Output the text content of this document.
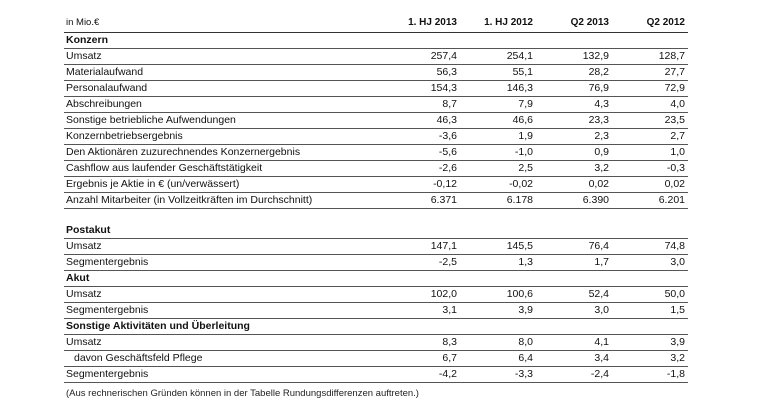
in Mio.€	1. HJ 2013	1. HJ 2012	Q2 2013	Q2 2012
Konzern				
Umsatz	257,4	254,1	132,9	128,7
Materialaufwand	56,3	55,1	28,2	27,7
Personalaufwand	154,3	146,3	76,9	72,9
Abschreibungen	8,7	7,9	4,3	4,0
Sonstige betriebliche Aufwendungen	46,3	46,6	23,3	23,5
Konzernbetriebsergebnis	-3,6	1,9	2,3	2,7
Den Aktionären zuzurechnendes Konzernergebnis	-5,6	-1,0	0,9	1,0
Cashflow aus laufender Geschäftstätigkeit	-2,6	2,5	3,2	-0,3
Ergebnis je Aktie in € (un/verwässert)	-0,12	-0,02	0,02	0,02
Anzahl Mitarbeiter (in Vollzeitkräften im Durchschnitt)	6.371	6.178	6.390	6.201

Postakut				
Umsatz	147,1	145,5	76,4	74,8
Segmentergebnis	-2,5	1,3	1,7	3,0
Akut				
Umsatz	102,0	100,6	52,4	50,0
Segmentergebnis	3,1	3,9	3,0	1,5
Sonstige Aktivitäten und Überleitung				
Umsatz	8,3	8,0	4,1	3,9
davon Geschäftsfeld Pflege	6,7	6,4	3,4	3,2
Segmentergebnis	-4,2	-3,3	-2,4	-1,8
(Aus rechnerischen Gründen können in der Tabelle Rundungsdifferenzen auftreten.)
